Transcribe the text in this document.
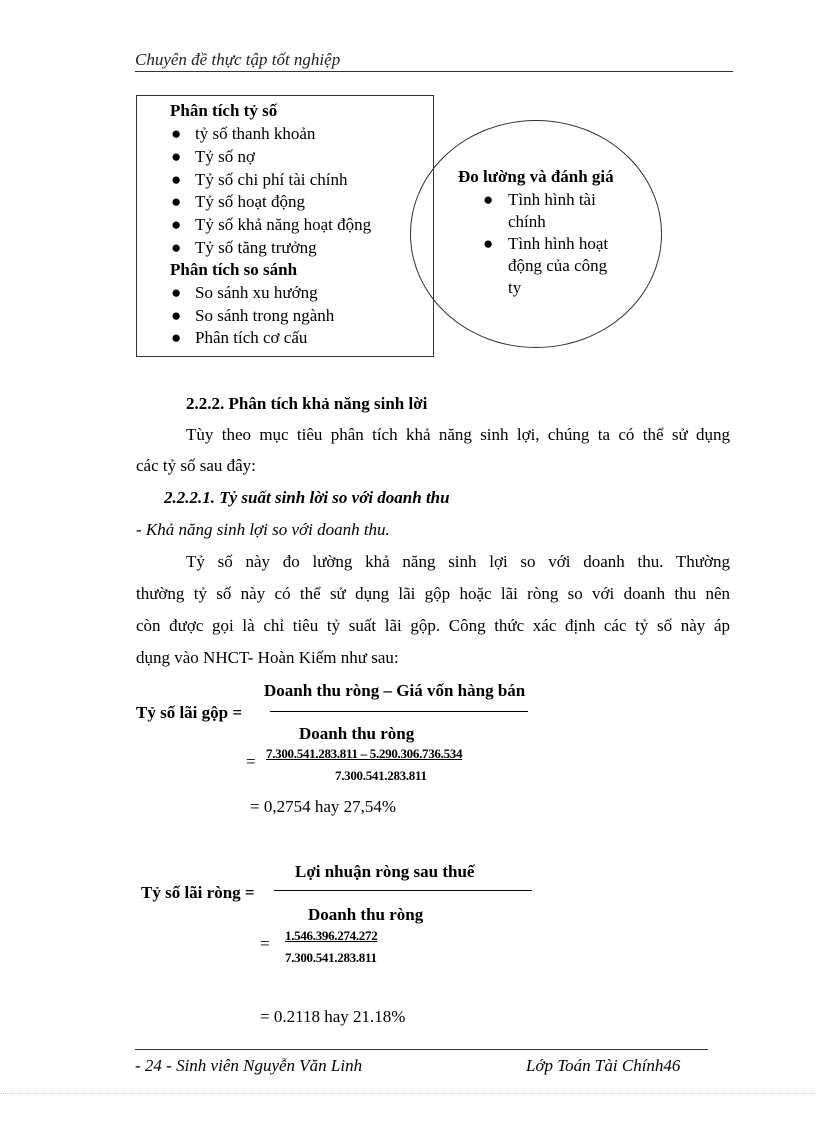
Chuyên đề thực tập tốt nghiệp
Phân tích tỷ số
● tỷ số thanh khoản
● Tỷ số nợ
● Tỷ số chi phí tài chính
● Tỷ số hoạt động
● Tỷ số khả năng hoạt động
● Tỷ số tăng trưởng
Phân tích so sánh
● So sánh xu hướng
● So sánh trong ngành
● Phân tích cơ cấu
Đo lường và đánh giá
● Tình hình tài
chính
● Tình hình hoạt
động của công
ty
2.2.2. Phân tích khả năng sinh lời
Tùy theo mục tiêu phân tích khả năng sinh lợi, chúng ta có thể sử dụng
các tỷ số sau đây:
2.2.2.1. Tỷ suất sinh lời so với doanh thu
- Khả năng sinh lợi so với doanh thu.
Tỷ số này đo lường khả năng sinh lợi so với doanh thu. Thường
thường tỷ số này có thể sử dụng lãi gộp hoặc lãi ròng so với doanh thu nên
còn được gọi là chỉ tiêu tỷ suất lãi gộp. Công thức xác định các tỷ số này áp
dụng vào NHCT- Hoàn Kiếm như sau:
Doanh thu ròng – Giá vốn hàng bán
Tỷ số lãi gộp =
Doanh thu ròng
= 7.300.541.283.811 – 5.290.306.736.534
7.300.541.283.811
= 0,2754 hay 27,54%
Lợi nhuận ròng sau thuế
Tỷ số lãi ròng =
Doanh thu ròng
= 1.546.396.274.272
7.300.541.283.811
= 0.2118 hay 21.18%
- 24 - Sinh viên Nguyễn Văn Linh	Lớp Toán Tài Chính46
